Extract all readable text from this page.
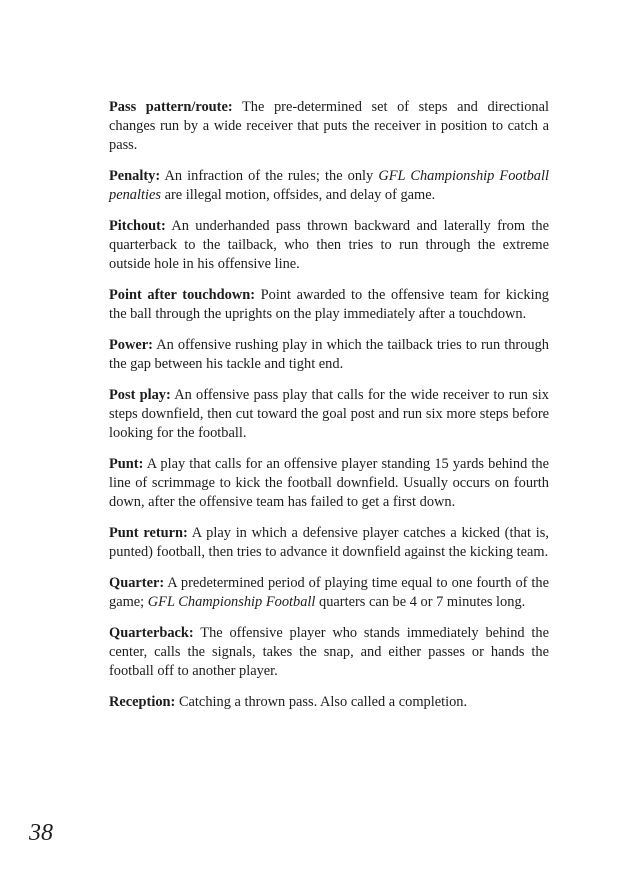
Pass pattern/route: The pre-determined set of steps and directional changes run by a wide receiver that puts the receiver in position to catch a pass.

Penalty: An infraction of the rules; the only GFL Championship Football penalties are illegal motion, offsides, and delay of game.

Pitchout: An underhanded pass thrown backward and laterally from the quarterback to the tailback, who then tries to run through the extreme outside hole in his offensive line.

Point after touchdown: Point awarded to the offensive team for kicking the ball through the uprights on the play immediately after a touchdown.

Power: An offensive rushing play in which the tailback tries to run through the gap between his tackle and tight end.

Post play: An offensive pass play that calls for the wide receiver to run six steps downfield, then cut toward the goal post and run six more steps before looking for the football.

Punt: A play that calls for an offensive player standing 15 yards behind the line of scrimmage to kick the football downfield. Usually occurs on fourth down, after the offensive team has failed to get a first down.

Punt return: A play in which a defensive player catches a kicked (that is, punted) football, then tries to advance it downfield against the kicking team.

Quarter: A predetermined period of playing time equal to one fourth of the game; GFL Championship Football quarters can be 4 or 7 minutes long.

Quarterback: The offensive player who stands immediately behind the center, calls the signals, takes the snap, and either passes or hands the football off to another player.

Reception: Catching a thrown pass. Also called a completion.

38
